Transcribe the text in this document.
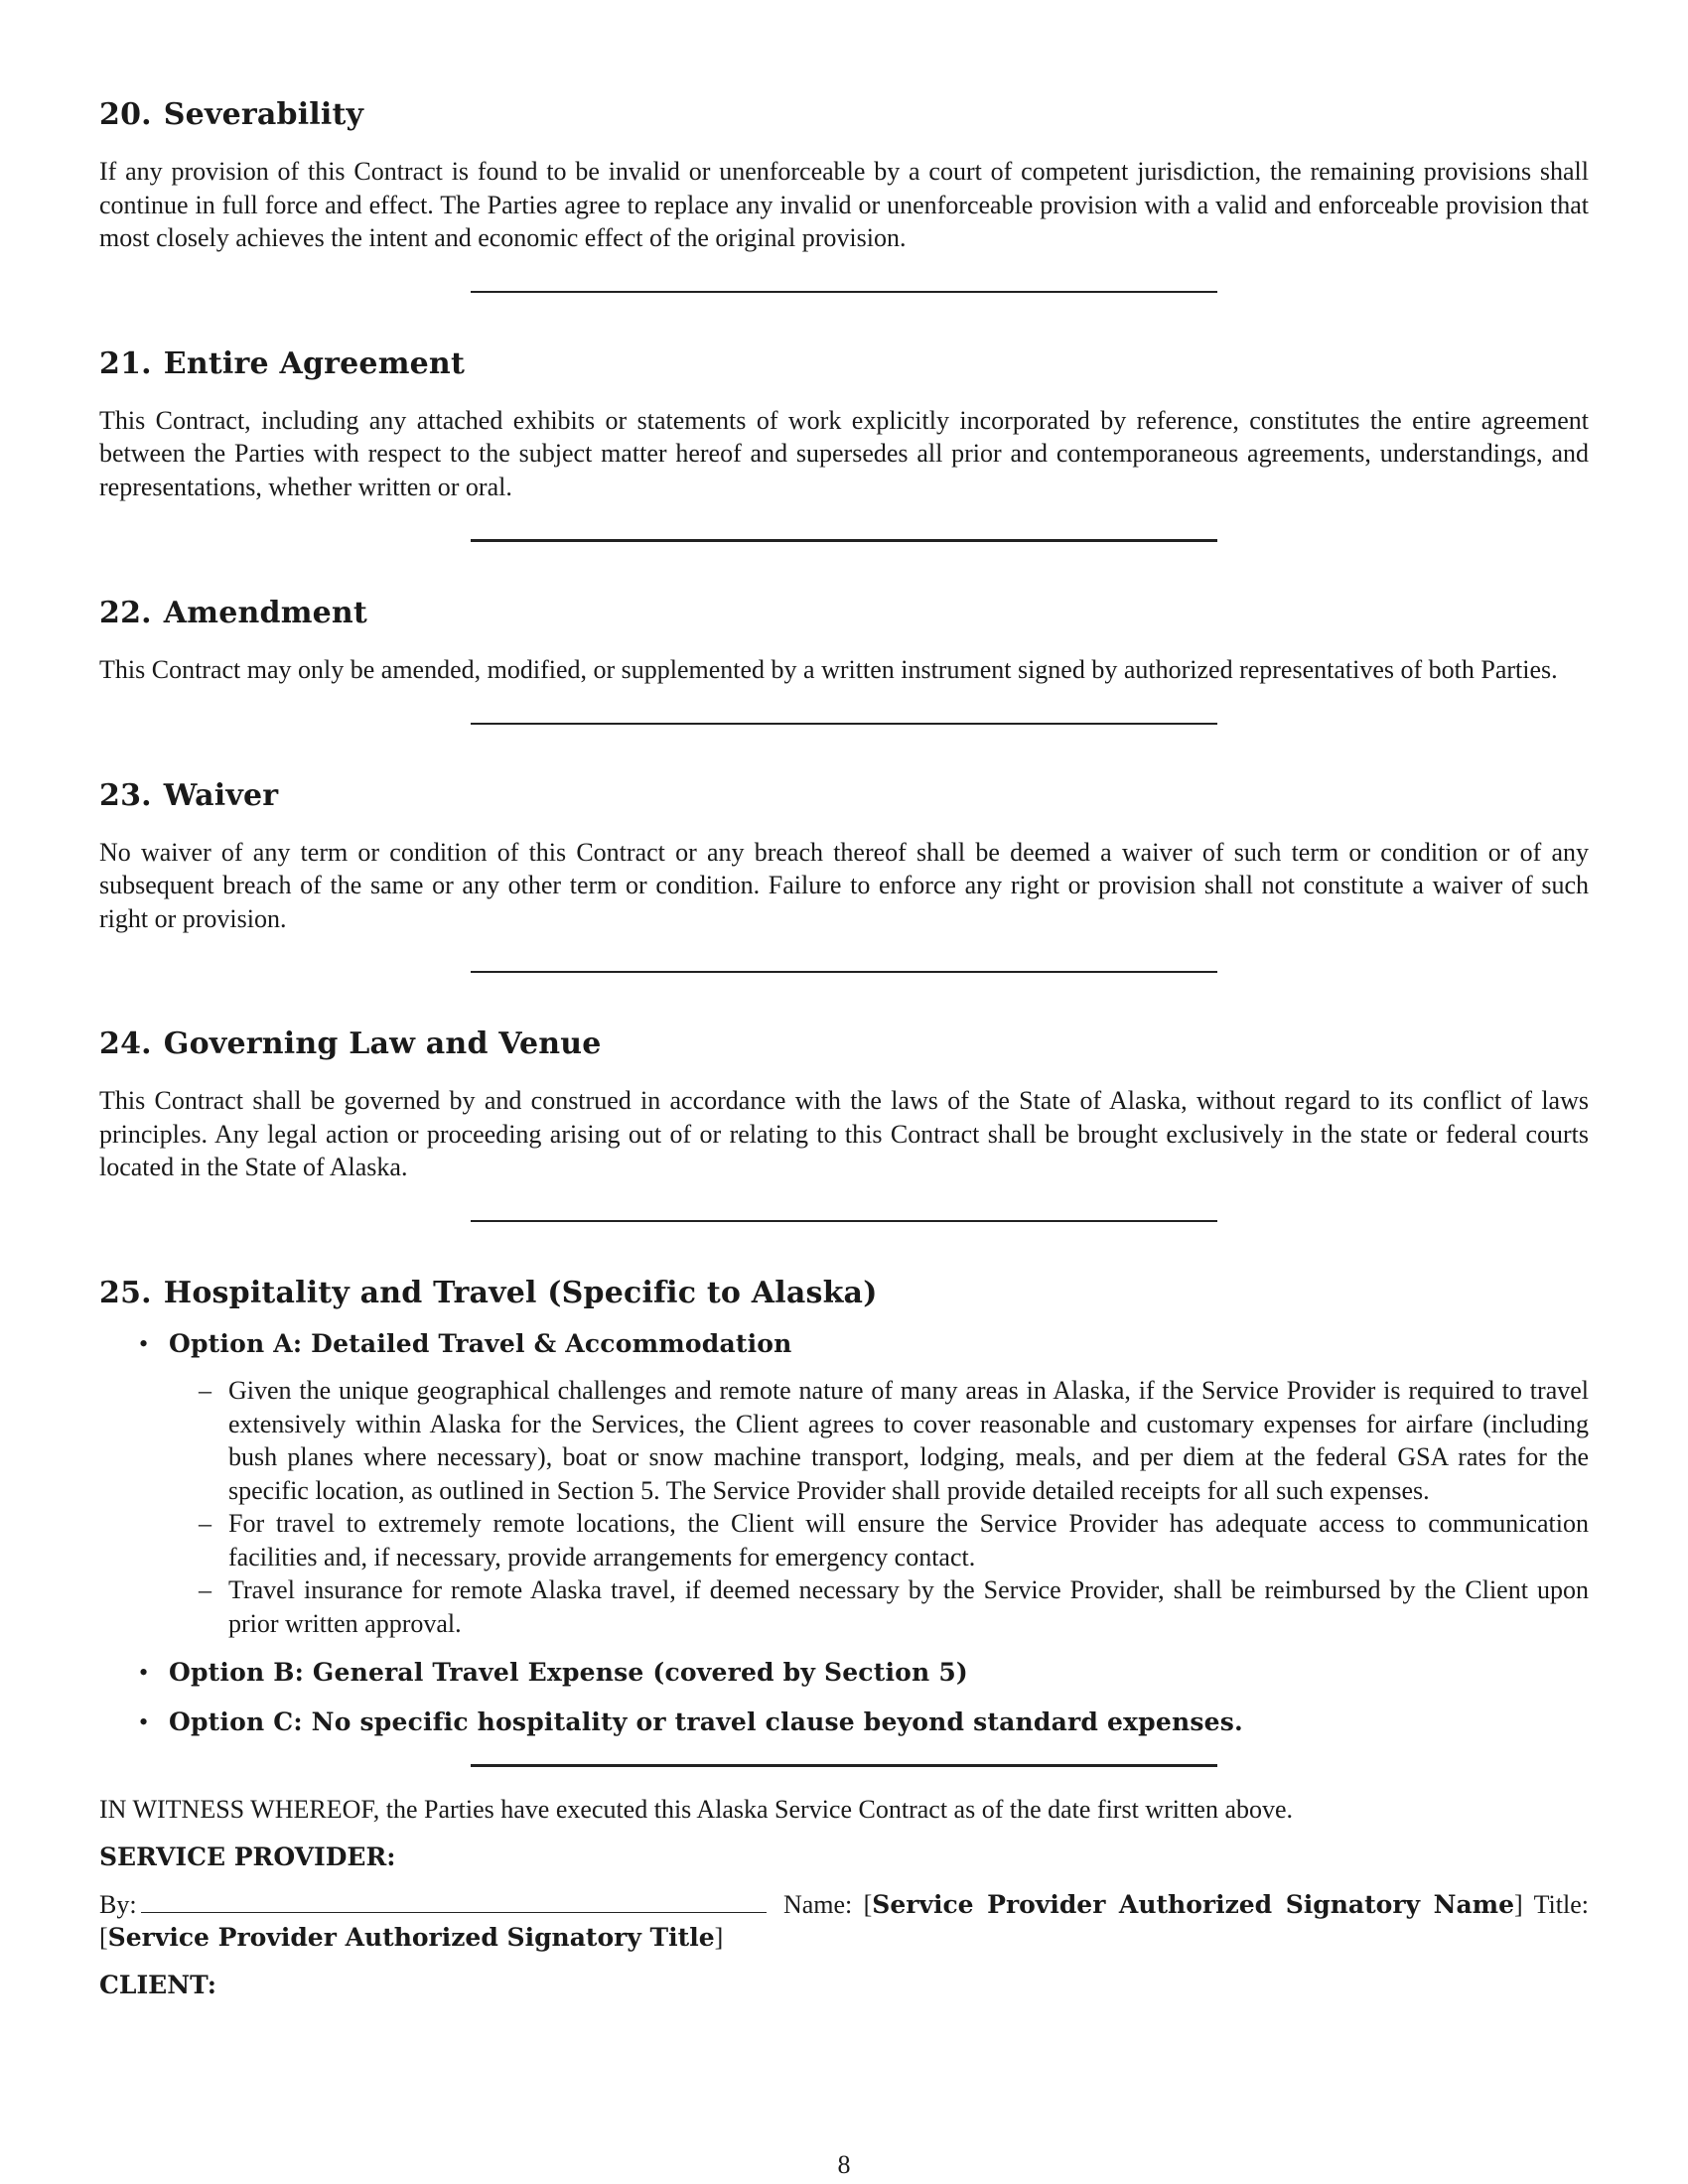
20. Severability

If any provision of this Contract is found to be invalid or unenforceable by a court of competent jurisdiction, the remaining provisions shall continue in full force and effect. The Parties agree to replace any invalid or unenforceable provision with a valid and enforceable provision that most closely achieves the intent and economic effect of the original provision.

21. Entire Agreement

This Contract, including any attached exhibits or statements of work explicitly incorporated by reference, constitutes the entire agreement between the Parties with respect to the subject matter hereof and supersedes all prior and contemporaneous agreements, understandings, and representations, whether written or oral.

22. Amendment

This Contract may only be amended, modified, or supplemented by a written instrument signed by authorized representatives of both Parties.

23. Waiver

No waiver of any term or condition of this Contract or any breach thereof shall be deemed a waiver of such term or condition or of any subsequent breach of the same or any other term or condition. Failure to enforce any right or provision shall not constitute a waiver of such right or provision.

24. Governing Law and Venue

This Contract shall be governed by and construed in accordance with the laws of the State of Alaska, without regard to its conflict of laws principles. Any legal action or proceeding arising out of or relating to this Contract shall be brought exclusively in the state or federal courts located in the State of Alaska.

25. Hospitality and Travel (Specific to Alaska)
• Option A: Detailed Travel & Accommodation
– Given the unique geographical challenges and remote nature of many areas in Alaska, if the Service Provider is required to travel extensively within Alaska for the Services, the Client agrees to cover reasonable and customary expenses for airfare (including bush planes where necessary), boat or snow machine transport, lodging, meals, and per diem at the federal GSA rates for the specific location, as outlined in Section 5. The Service Provider shall provide detailed receipts for all such expenses.
– For travel to extremely remote locations, the Client will ensure the Service Provider has adequate access to communication facilities and, if necessary, provide arrangements for emergency contact.
– Travel insurance for remote Alaska travel, if deemed necessary by the Service Provider, shall be reimbursed by the Client upon prior written approval.
• Option B: General Travel Expense (covered by Section 5)
• Option C: No specific hospitality or travel clause beyond standard expenses.

IN WITNESS WHEREOF, the Parties have executed this Alaska Service Contract as of the date first written above.

SERVICE PROVIDER:

By:	Name: [Service Provider Authorized Signatory Name] Title: [Service Provider Authorized Signatory Title]

CLIENT:

8
